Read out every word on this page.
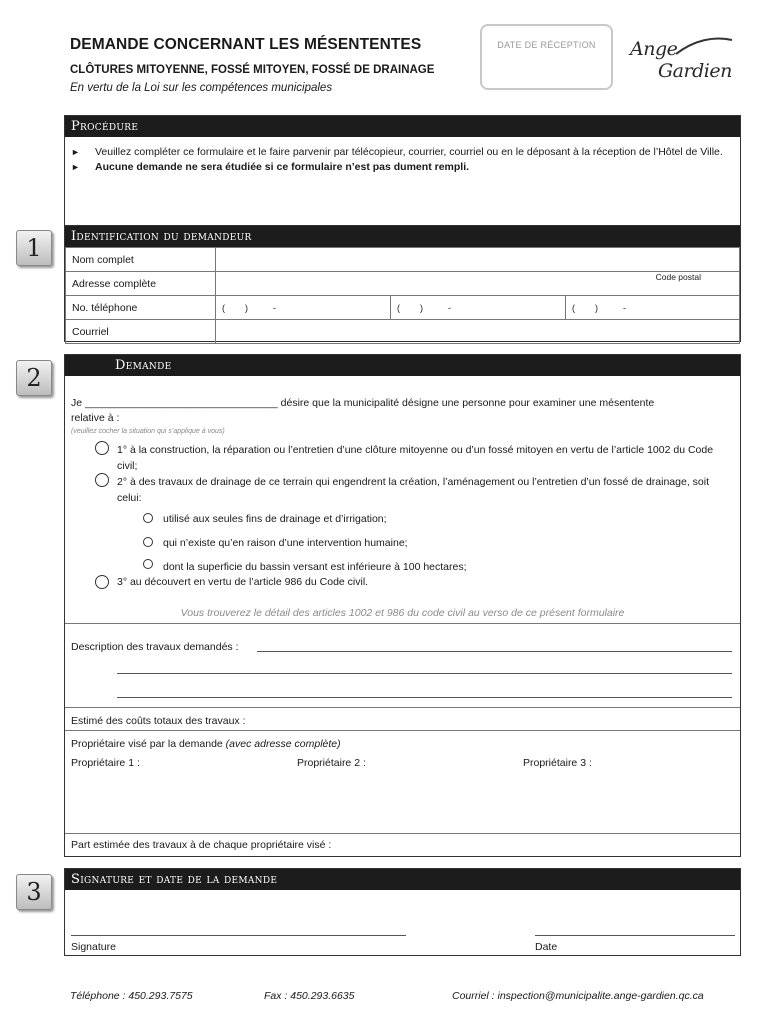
DEMANDE CONCERNANT LES MÉSENTENTES
CLÔTURES MITOYENNE, FOSSÉ MITOYEN, FOSSÉ DE DRAINAGE
En vertu de la Loi sur les compétences municipales
DATE DE RÉCEPTION	Ange
Gardien
Procédure
► Veuillez compléter ce formulaire et le faire parvenir par télécopieur, courrier, courriel ou en le déposant à la réception de l’Hôtel de Ville.
► Aucune demande ne sera étudiée si ce formulaire n’est pas dument rempli.
1	Identification du demandeur
Nom complet			
Adresse complète	Code postal		

No. téléphone	(        )          -	(        )          -	(        )          -
Courriel			
2	Demande
Je _________________________________ désire que la municipalité désigne une personne pour examiner une mésentente
relative à :
(veuillez cocher la situation qui s’applique à vous)
1° à la construction, la réparation ou l’entretien d’une clôture mitoyenne ou d’un fossé mitoyen en vertu de l’article 1002 du Code civil;
2° à des travaux de drainage de ce terrain qui engendrent la création, l’aménagement ou l’entretien d’un fossé de drainage, soit celui:
utilisé aux seules fins de drainage et d’irrigation;
qui n’existe qu’en raison d’une intervention humaine;
dont la superficie du bassin versant est inférieure à 100 hectares;
3° au découvert en vertu de l’article 986 du Code civil.
Vous trouverez le détail des articles 1002 et 986 du code civil au verso de ce présent formulaire
Description des travaux demandés :
Estimé des coûts totaux des travaux :
Propriétaire visé par la demande (avec adresse complète)
Propriétaire 1 :	Propriétaire 2 :	Propriétaire 3 :
Part estimée des travaux à de chaque propriétaire visé :
3	Signature et date de la demande
Signature	Date
Téléphone : 450.293.7575	Fax : 450.293.6635	Courriel : inspection@municipalite.ange-gardien.qc.ca
